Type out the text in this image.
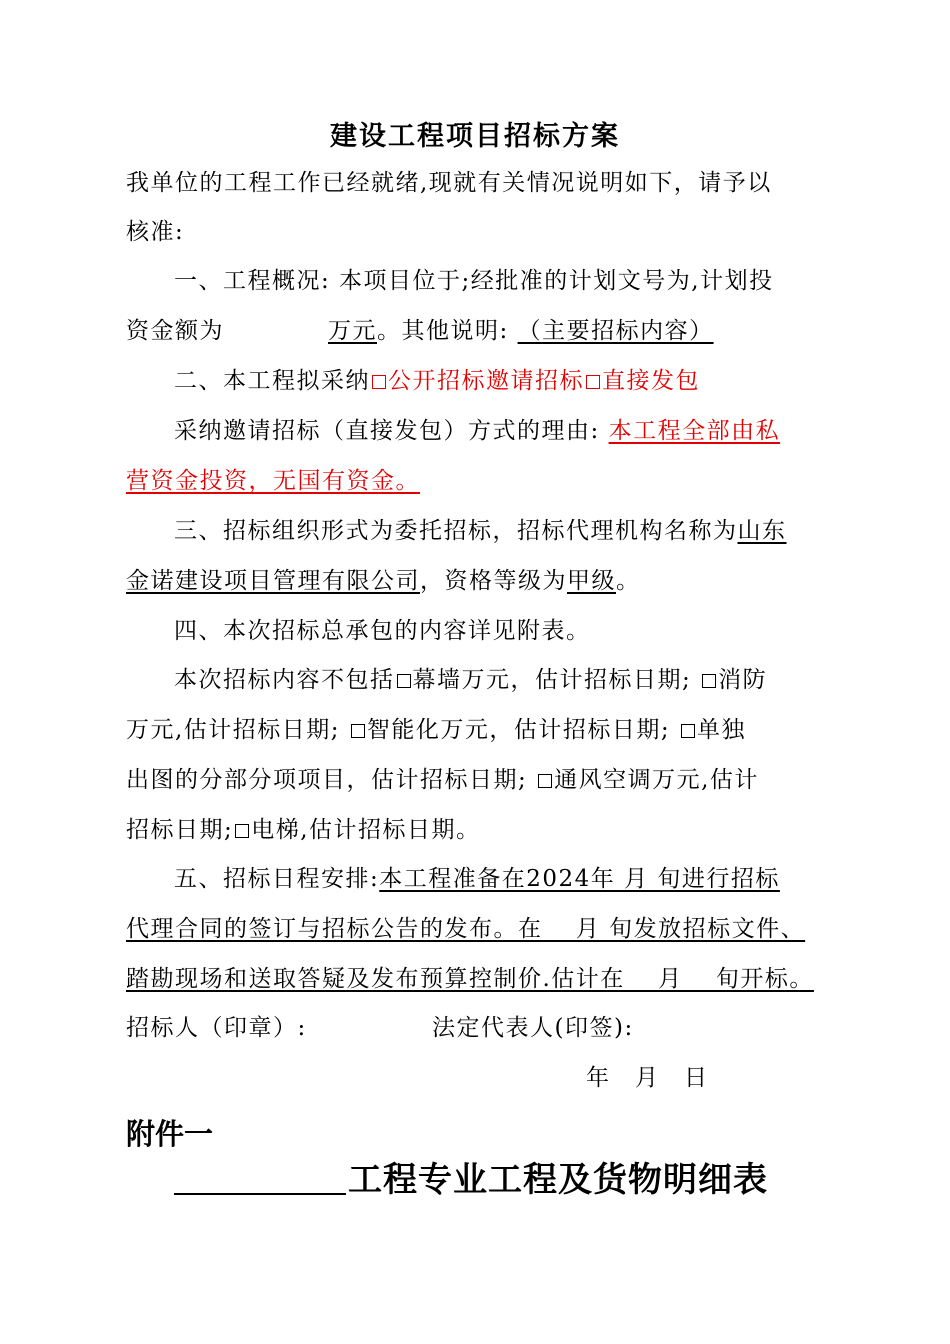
建设工程项目招标方案
我单位的工程工作已经就绪,现就有关情况说明如下，请予以
核准:
一、工程概况: 本项目位于;经批准的计划文号为,计划投
资金额为	万元。其他说明: （主要招标内容）
二、本工程拟采纳 公开招标邀请招标 直接发包
采纳邀请招标（直接发包）方式的理由: 本工程全部由私
营资金投资，无国有资金。
三、招标组织形式为委托招标，招标代理机构名称为山东
金诺建设项目管理有限公司，资格等级为甲级。
四、本次招标总承包的内容详见附表。
本次招标内容不包括 幕墙万元，估计招标日期; 消防
万元,估计招标日期; 智能化万元，估计招标日期; 单独
出图的分部分项项目，估计招标日期; 通风空调万元,估计
招标日期; 电梯,估计招标日期。
五、招标日程安排:本工程准备在2024年 月 旬进行招标
代理合同的签订与招标公告的发布。在　 月 旬发放招标文件、
踏勘现场和送取答疑及发布预算控制价.估计在　 月　 旬开标。
招标人（印章）:	法定代表人(印签):
年　月　日
附件一
工程专业工程及货物明细表
